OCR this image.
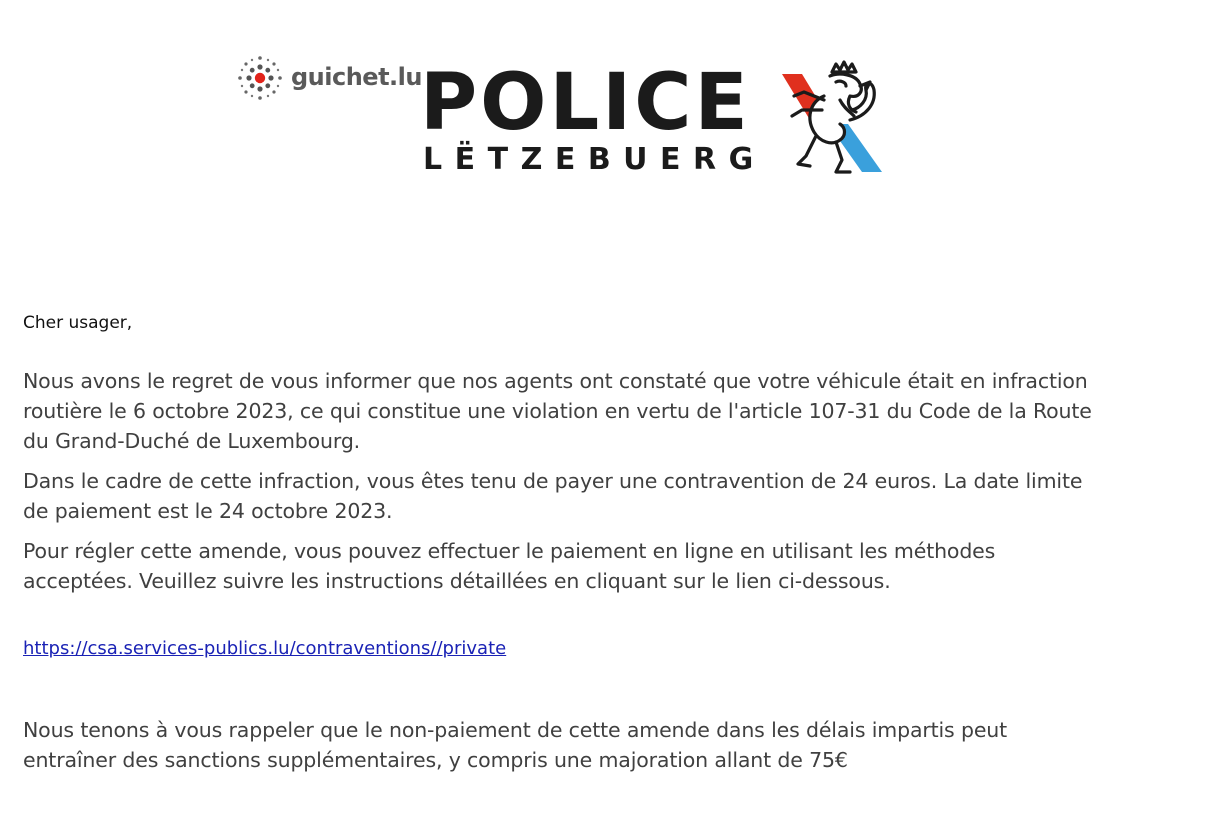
guichet.lu
POLICE
LËTZEBUERG

Cher usager,

Nous avons le regret de vous informer que nos agents ont constaté que votre véhicule était en infraction routière le 6 octobre 2023, ce qui constitue une violation en vertu de l'article 107-31 du Code de la Route du Grand-Duché de Luxembourg.

Dans le cadre de cette infraction, vous êtes tenu de payer une contravention de 24 euros. La date limite de paiement est le 24 octobre 2023.

Pour régler cette amende, vous pouvez effectuer le paiement en ligne en utilisant les méthodes acceptées. Veuillez suivre les instructions détaillées en cliquant sur le lien ci-dessous.

https://csa.services-publics.lu/contraventions//private

Nous tenons à vous rappeler que le non-paiement de cette amende dans les délais impartis peut entraîner des sanctions supplémentaires, y compris une majoration allant de 75€
